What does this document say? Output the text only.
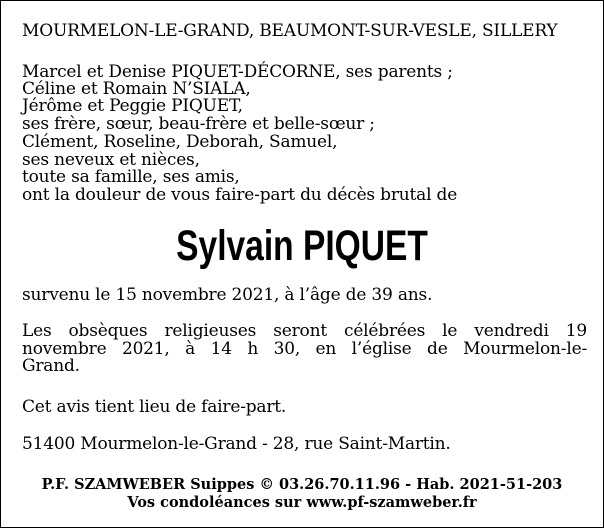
MOURMELON-LE-GRAND, BEAUMONT-SUR-VESLE, SILLERY
Marcel et Denise PIQUET-DÉCORNE, ses parents ;
Céline et Romain N’SIALA,
Jérôme et Peggie PIQUET,
ses frère, sœur, beau-frère et belle-sœur ;
Clément, Roseline, Deborah, Samuel,
ses neveux et nièces,
toute sa famille, ses amis,
ont la douleur de vous faire-part du décès brutal de
Sylvain PIQUET
survenu le 15 novembre 2021, à l’âge de 39 ans.
Les obsèques religieuses seront célébrées le vendredi 19
novembre 2021, à 14 h 30, en l’église de Mourmelon-le-
Grand.
Cet avis tient lieu de faire-part.
51400 Mourmelon-le-Grand - 28, rue Saint-Martin.
P.F. SZAMWEBER Suippes © 03.26.70.11.96 - Hab. 2021-51-203
Vos condoléances sur www.pf-szamweber.fr
